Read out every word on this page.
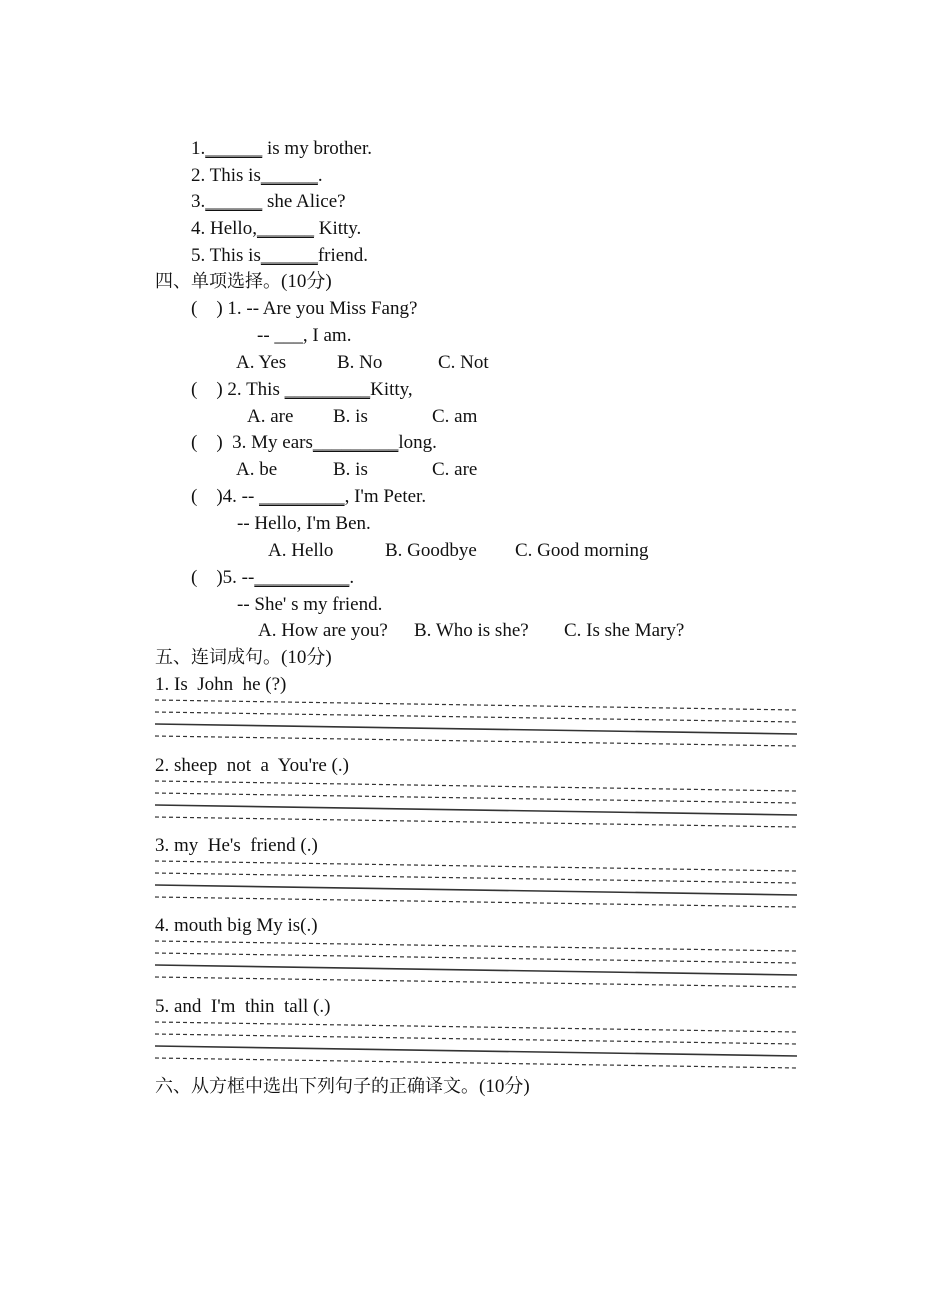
1.______ is my brother.
2. This is______.
3.______ she Alice?
4. Hello,______ Kitty.
5. This is______friend.
四、单项选择。(10分)
(    ) 1. -- Are you Miss Fang?
-- ___, I am.
A. Yes	B. No	C. Not
(    ) 2. This _________Kitty,
A. are B. is	C. am
(    )  3. My ears_________long.
A. be	B. is	C. are
(    )4. -- _________, I'm Peter.
-- Hello, I'm Ben.
A. Hello	B. Goodbye C. Good morning
(    )5. --__________.
-- She' s my friend.
A. How are you? B. Who is she? C. Is she Mary?
五、连词成句。(10分)
1. Is  John  he (?)
2. sheep  not  a  You're (.)
3. my  He's  friend (.)
4. mouth big My is(.)
5. and  I'm  thin  tall (.)
六、从方框中选出下列句子的正确译文。(10分)
